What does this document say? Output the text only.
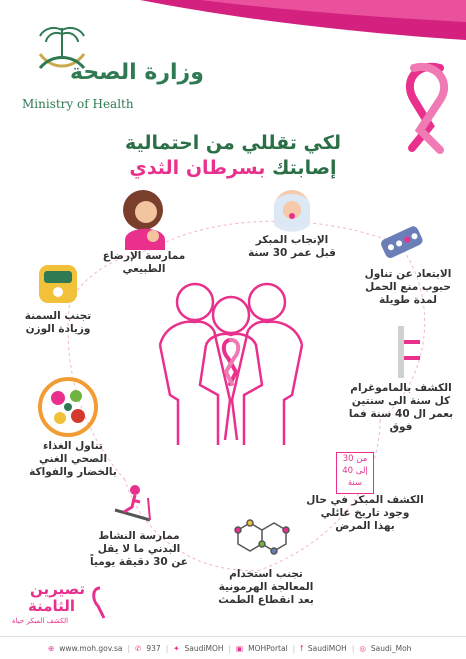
وزارة الصحة
Ministry of Health
لكي تقللي من احتمالية
إصابتك بسرطان الثدي
الإنجاب المبكر
قبل عمر 30 سنة
ممارسة الإرضاع
الطبيعي	الابتعاد عن تناول
حبوب منع الحمل
لمدة طويلة
تجنب السمنة
وزيادة الوزن
الكشف بالماموغرام
كل سنة الى سنتين
بعمر ال 40 سنة فما فوق
تناول الغذاء
الصحي الغني
بالخضار والفواكة
من 30
إلى 40
سنة
الكشف المبكر في حال
وجود تاريخ عائلي
بهذا المرض
ممارسة النشاط
البدني ما لا يقل
عن 30 دقيقة يومياً
تجنب استخدام
المعالجة الهرمونية
بعد انقطاع الطمث
تصيرين
الثامنة
الكشف المبكر حياة
⊕ www.moh.gov.sa | ✆ 937 | ✦ SaudiMOH | ▣ MOHPortal | f SaudiMOH | ◎ Saudi_Moh
